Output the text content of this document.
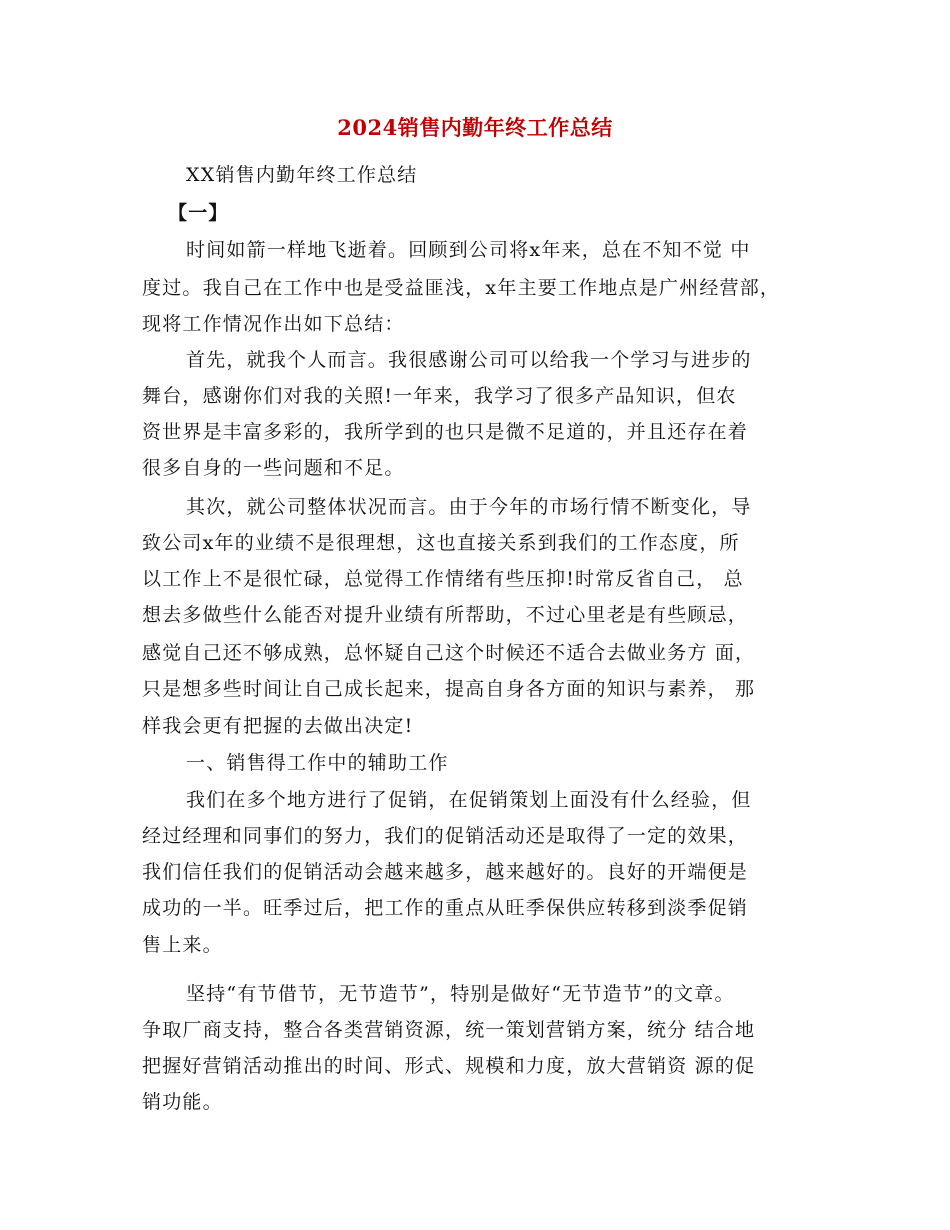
2024销售内勤年终工作总结
XX销售内勤年终工作总结
【一】
时间如箭一样地飞逝着。回顾到公司将x年来，总在不知不觉 中
度过。我自己在工作中也是受益匪浅，x年主要工作地点是广州经营部，
现将工作情况作出如下总结：
首先，就我个人而言。我很感谢公司可以给我一个学习与进步的
舞台，感谢你们对我的关照!一年来，我学习了很多产品知识，但农
资世界是丰富多彩的，我所学到的也只是微不足道的，并且还存在着
很多自身的一些问题和不足。
其次，就公司整体状况而言。由于今年的市场行情不断变化，导
致公司x年的业绩不是很理想，这也直接关系到我们的工作态度，所
以工作上不是很忙碌，总觉得工作情绪有些压抑!时常反省自己， 总
想去多做些什么能否对提升业绩有所帮助，不过心里老是有些顾忌，
感觉自己还不够成熟，总怀疑自己这个时候还不适合去做业务方 面，
只是想多些时间让自己成长起来，提高自身各方面的知识与素养， 那
样我会更有把握的去做出决定!
一、销售得工作中的辅助工作
我们在多个地方进行了促销，在促销策划上面没有什么经验，但
经过经理和同事们的努力，我们的促销活动还是取得了一定的效果，
我们信任我们的促销活动会越来越多，越来越好的。良好的开端便是
成功的一半。旺季过后，把工作的重点从旺季保供应转移到淡季促销
售上来。
坚持“有节借节，无节造节”，特别是做好“无节造节”的文章。
争取厂商支持，整合各类营销资源，统一策划营销方案，统分 结合地
把握好营销活动推出的时间、形式、规模和力度，放大营销资 源的促
销功能。
